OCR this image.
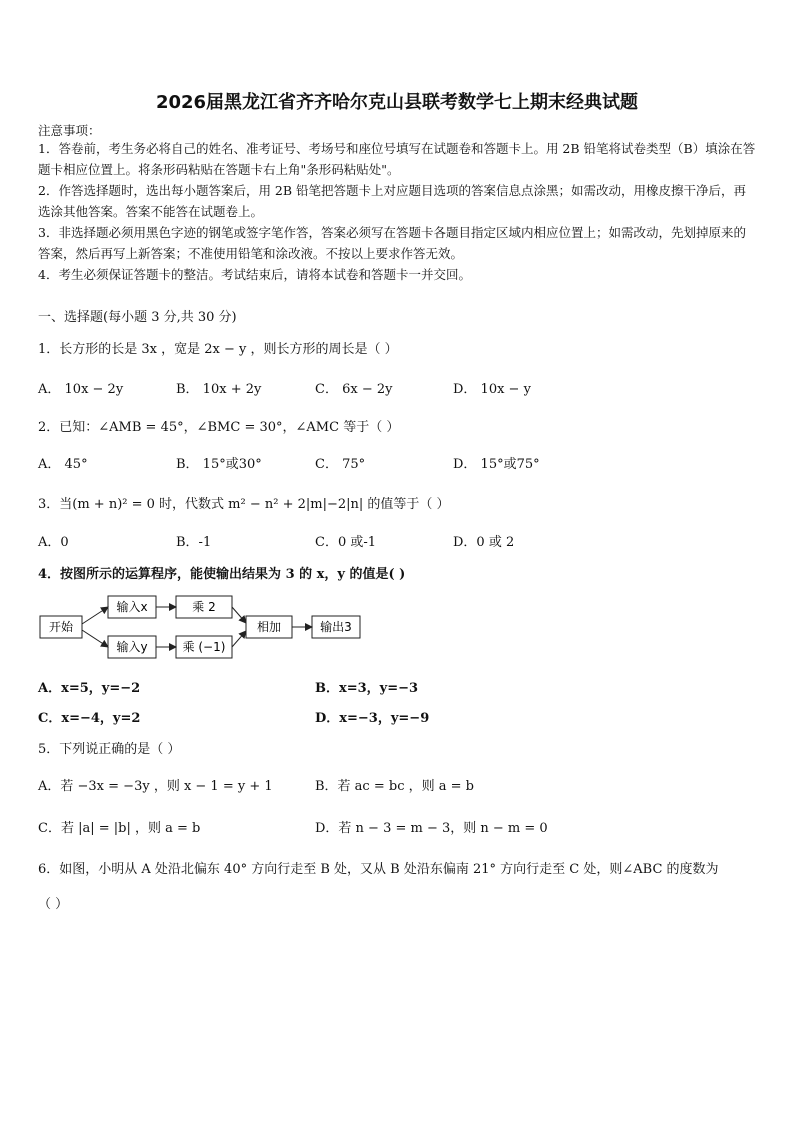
2026届黑龙江省齐齐哈尔克山县联考数学七上期末经典试题
注意事项：
1．答卷前，考生务必将自己的姓名、准考证号、考场号和座位号填写在试题卷和答题卡上。用 2B 铅笔将试卷类型（B）填涂在答题卡相应位置上。将条形码粘贴在答题卡右上角"条形码粘贴处"。
2．作答选择题时，选出每小题答案后，用 2B 铅笔把答题卡上对应题目选项的答案信息点涂黑；如需改动，用橡皮擦干净后，再选涂其他答案。答案不能答在试题卷上。
3．非选择题必须用黑色字迹的钢笔或签字笔作答，答案必须写在答题卡各题目指定区域内相应位置上；如需改动，先划掉原来的答案，然后再写上新答案；不准使用铅笔和涂改液。不按以上要求作答无效。
4．考生必须保证答题卡的整洁。考试结束后，请将本试卷和答题卡一并交回。
一、选择题(每小题 3 分,共 30 分)
1．长方形的长是 3x ，宽是 2x − y ，则长方形的周长是（ ）
A． 10x − 2y	B． 10x + 2y	C． 6x − 2y	D． 10x − y
2．已知：∠AMB = 45°，∠BMC = 30°，∠AMC 等于（ ）
A． 45°	B． 15°或30°	C． 75°	D． 15°或75°
3．当(m + n)² = 0 时，代数式 m² − n² + 2|m|−2|n| 的值等于（ ）
A．0	B．-1	C．0 或-1	D．0 或 2
4．按图所示的运算程序，能使输出结果为 3 的 x，y 的值是( )
开始
输入x
输入y
乘 2
乘 (−1)
相加	输出3
A．x=5，y=−2	B．x=3，y=−3
C．x=−4，y=2	D．x=−3，y=−9
5．下列说正确的是（ ）
A．若 −3x = −3y ，则 x − 1 = y + 1	B．若 ac = bc ，则 a = b
C．若 |a| = |b| ，则 a = b	D．若 n − 3 = m − 3，则 n − m = 0
6．如图，小明从 A 处沿北偏东 40° 方向行走至 B 处，又从 B 处沿东偏南 21° 方向行走至 C 处，则∠ABC 的度数为
（ ）
